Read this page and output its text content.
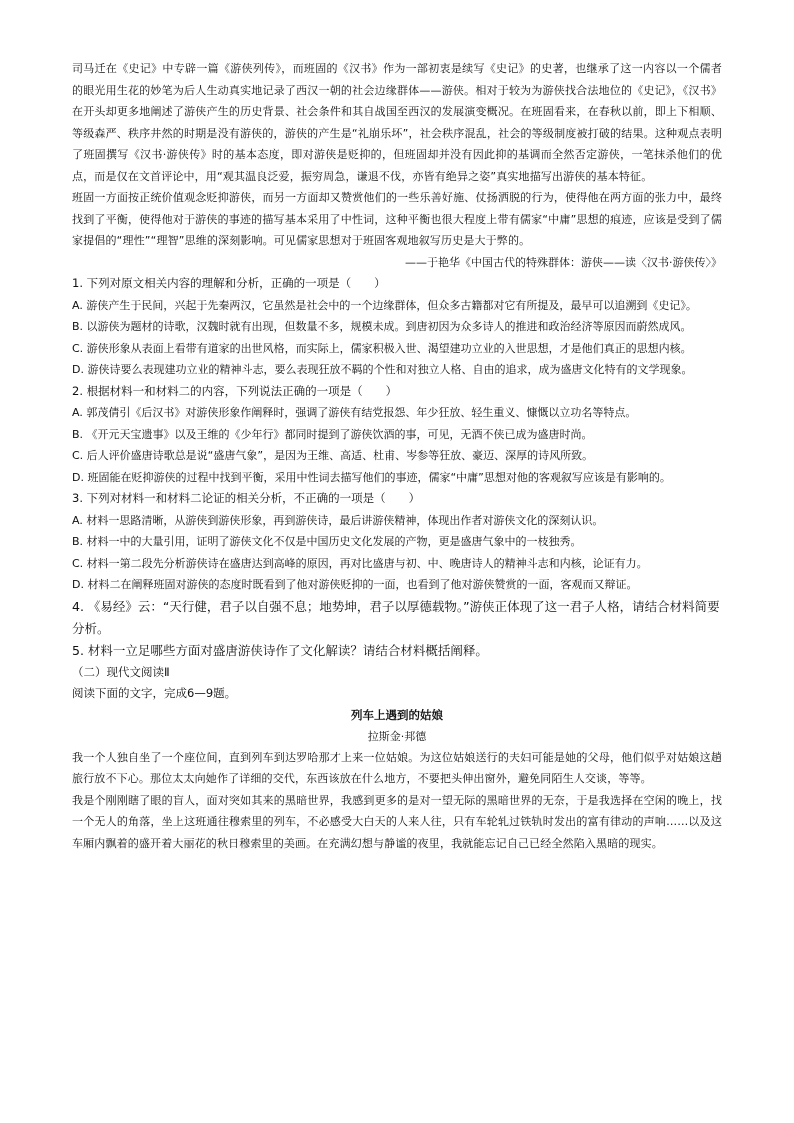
司马迁在《史记》中专辟一篇《游侠列传》，而班固的《汉书》作为一部初衷是续写《史记》的史著，也继承了这一内容以一个儒者的眼光用生花的妙笔为后人生动真实地记录了西汉一朝的社会边缘群体——游侠。相对于较为为游侠找合法地位的《史记》，《汉书》在开头却更多地阐述了游侠产生的历史背景、社会条件和其自战国至西汉的发展演变概况。在班固看来，在春秋以前，即上下相顺、等级森严、秩序井然的时期是没有游侠的，游侠的产生是“礼崩乐坏”，社会秩序混乱，社会的等级制度被打破的结果。这种观点表明了班固撰写《汉书·游侠传》时的基本态度，即对游侠是贬抑的，但班固却并没有因此抑的基调而全然否定游侠，一笔抹杀他们的优点，而是仅在文首评论中，用“观其温良泛爱，振穷周急，谦退不伐，亦皆有绝异之姿”真实地描写出游侠的基本特征。

班固一方面按正统价值观念贬抑游侠，而另一方面却又赞赏他们的一些乐善好施、仗扬洒脱的行为，使得他在两方面的张力中，最终找到了平衡，使得他对于游侠的事迹的描写基本采用了中性词，这种平衡也很大程度上带有儒家“中庸”思想的痕迹，应该是受到了儒家提倡的“理性”“理智”思维的深刻影响。可见儒家思想对于班固客观地叙写历史是大于弊的。

——于艳华《中国古代的特殊群体：游侠——读〈汉书·游侠传〉》

1. 下列对原文相关内容的理解和分析，正确的一项是（　　）

A. 游侠产生于民间，兴起于先秦两汉，它虽然是社会中的一个边缘群体，但众多古籍都对它有所提及，最早可以追溯到《史记》。

B. 以游侠为题材的诗歌，汉魏时就有出现，但数量不多，规模未成。到唐初因为众多诗人的推进和政治经济等原因而蔚然成风。

C. 游侠形象从表面上看带有道家的出世风格，而实际上，儒家积极入世、渴望建功立业的入世思想，才是他们真正的思想内核。

D. 游侠诗要么表现建功立业的精神斗志，要么表现狂放不羁的个性和对独立人格、自由的追求，成为盛唐文化特有的文学现象。

2. 根据材料一和材料二的内容，下列说法正确的一项是（　　）

A. 郭茂倩引《后汉书》对游侠形象作阐释时，强调了游侠有结党报怨、年少狂放、轻生重义、慷慨以立功名等特点。

B. 《开元天宝遗事》以及王维的《少年行》都同时提到了游侠饮酒的事，可见，无酒不侠已成为盛唐时尚。

C. 后人评价盛唐诗歌总是说“盛唐气象”，是因为王维、高适、杜甫、岑参等狂放、豪迈、深厚的诗风所致。

D. 班固能在贬抑游侠的过程中找到平衡，采用中性词去描写他们的事迹，儒家“中庸”思想对他的客观叙写应该是有影响的。

3. 下列对材料一和材料二论证的相关分析，不正确的一项是（　　）

A. 材料一思路清晰，从游侠到游侠形象，再到游侠诗，最后讲游侠精神，体现出作者对游侠文化的深刻认识。

B. 材料一中的大量引用，证明了游侠文化不仅是中国历史文化发展的产物，更是盛唐气象中的一枝独秀。

C. 材料一第二段先分析游侠诗在盛唐达到高峰的原因，再对比盛唐与初、中、晚唐诗人的精神斗志和内核，论证有力。

D. 材料二在阐释班固对游侠的态度时既看到了他对游侠贬抑的一面，也看到了他对游侠赞赏的一面，客观而又辩证。

4. 《易经》云：“天行健，君子以自强不息；地势坤，君子以厚德载物。”游侠正体现了这一君子人格，请结合材料简要分析。

5. 材料一立足哪些方面对盛唐游侠诗作了文化解读？请结合材料概括阐释。

（二）现代文阅读Ⅱ

阅读下面的文字，完成6—9题。

列车上遇到的姑娘

拉斯金·邦德

我一个人独自坐了一个座位间，直到列车到达罗哈那才上来一位姑娘。为这位姑娘送行的夫妇可能是她的父母，他们似乎对姑娘这趟旅行放不下心。那位太太向她作了详细的交代，东西该放在什么地方，不要把头伸出窗外，避免同陌生人交谈，等等。

我是个刚刚瞎了眼的盲人，面对突如其来的黑暗世界，我感到更多的是对一望无际的黑暗世界的无奈，于是我选择在空闲的晚上，找一个无人的角落，坐上这班通往穆索里的列车，不必感受大白天的人来人往，只有车轮轧过铁轨时发出的富有律动的声响……以及这车厢内飘着的盛开着大丽花的秋日穆索里的美画。在充满幻想与静谧的夜里，我就能忘记自己已经全然陷入黑暗的现实。
